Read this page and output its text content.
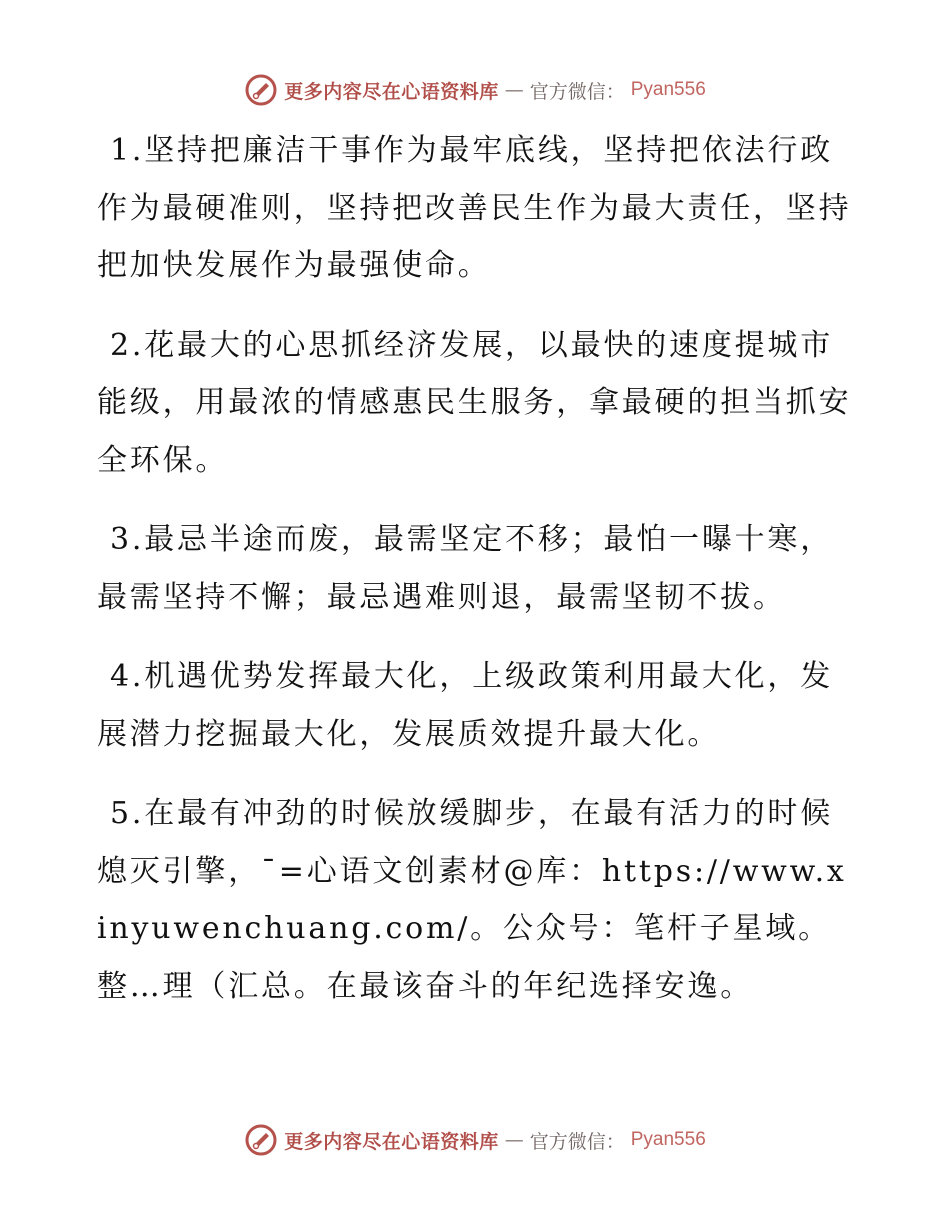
更多内容尽在心语资料库 — 官方微信： Pyan556

1.坚持把廉洁干事作为最牢底线，坚持把依法行政作为最硬准则，坚持把改善民生作为最大责任，坚持把加快发展作为最强使命。

2.花最大的心思抓经济发展，以最快的速度提城市能级，用最浓的情感惠民生服务，拿最硬的担当抓安全环保。

3.最忌半途而废，最需坚定不移；最怕一曝十寒，最需坚持不懈；最忌遇难则退，最需坚韧不拔。

4.机遇优势发挥最大化，上级政策利用最大化，发展潜力挖掘最大化，发展质效提升最大化。

5.在最有冲劲的时候放缓脚步，在最有活力的时候熄灭引擎，¯=心语文创素材@库：https://www.xinyuwenchuang.com/。公众号：笔杆子星域。整…理（汇总。在最该奋斗的年纪选择安逸。

更多内容尽在心语资料库 — 官方微信： Pyan556
